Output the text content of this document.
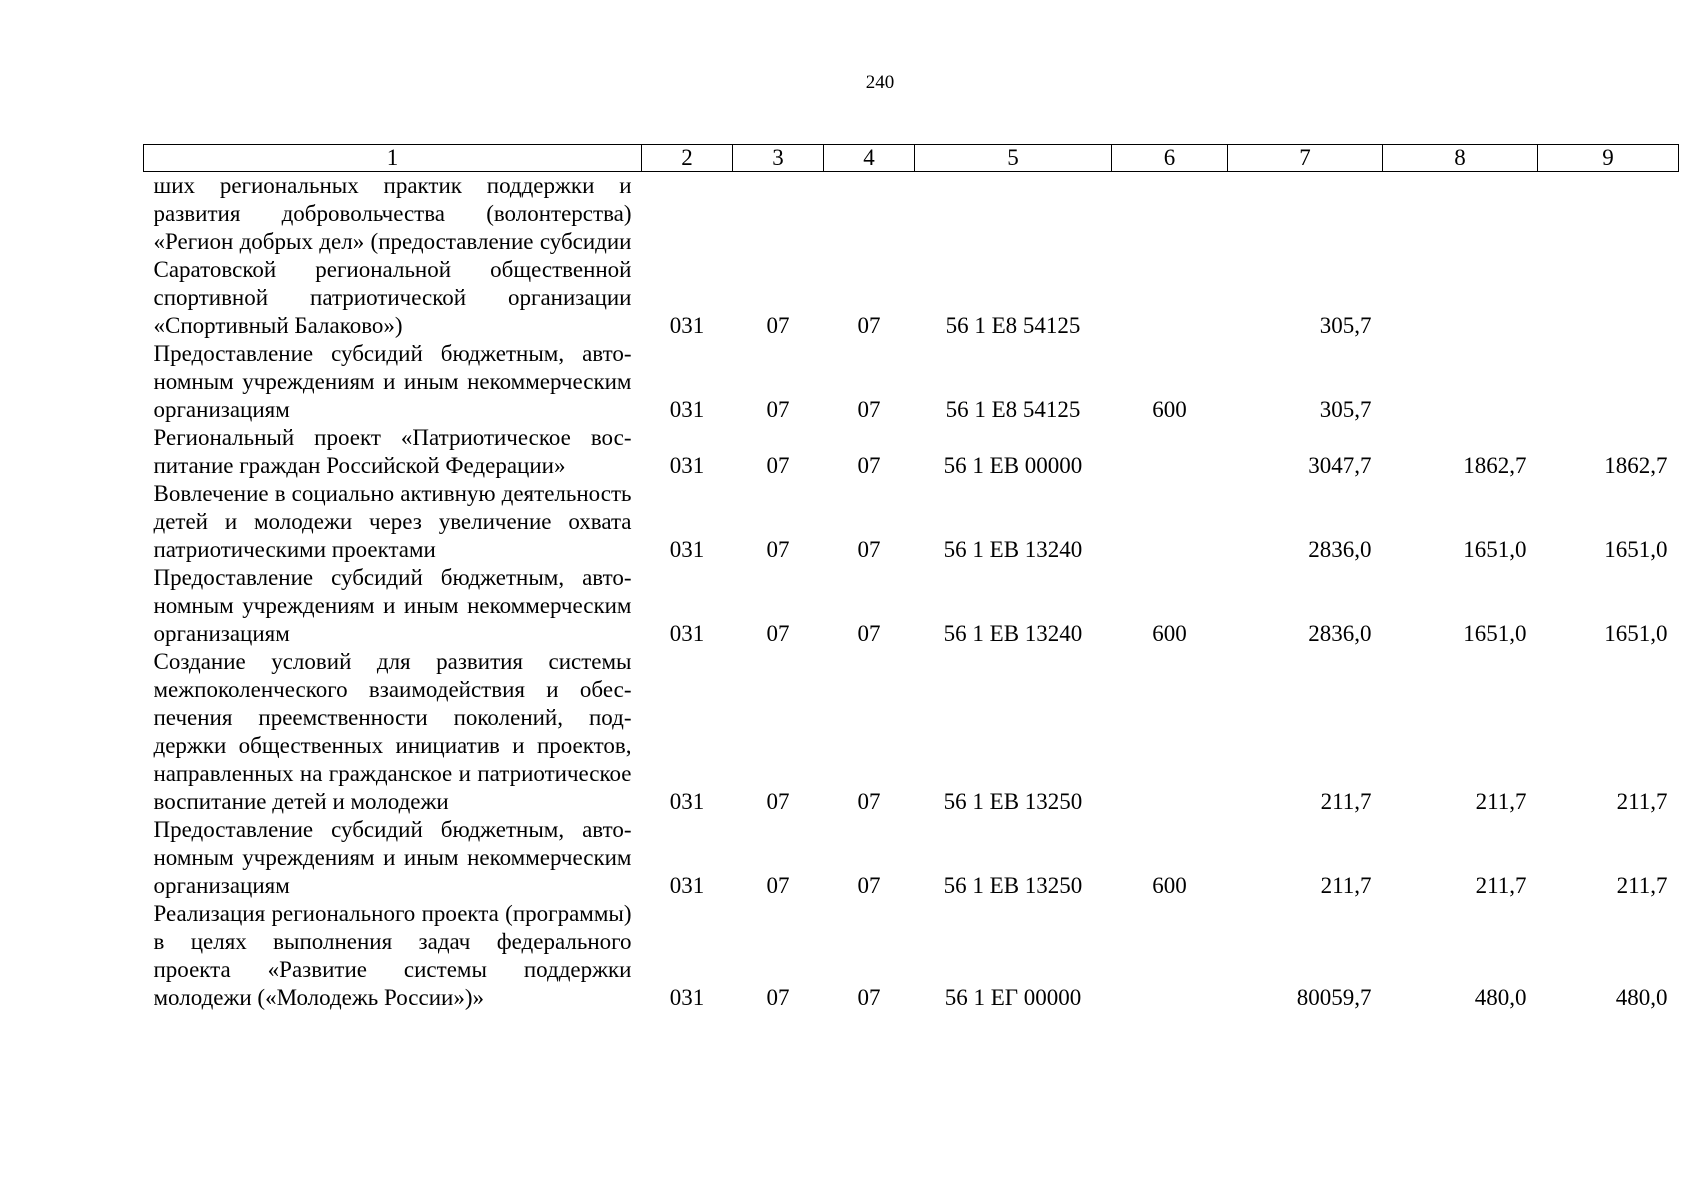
240
1	2	3	4	5	6	7	8	9
ших региональных практик поддержки и развития добровольчества (волонтерства) «Регион добрых дел» (предоставление субсидии Саратовской региональной общественной спортивной патриотической организации «Спортивный Балаково»)	031	07	07	56 1 E8 54125		305,7		
Предоставление субсидий бюджетным, автономным учреждениям и иным некоммерческим организациям	031	07	07	56 1 E8 54125	600	305,7		
Региональный проект «Патриотическое воспитание граждан Российской Федерации»	031	07	07	56 1 EB 00000		3047,7	1862,7	1862,7
Вовлечение в социально активную деятельность детей и молодежи через увеличение охвата патриотическими проектами	031	07	07	56 1 EB 13240		2836,0	1651,0	1651,0
Предоставление субсидий бюджетным, автономным учреждениям и иным некоммерческим организациям	031	07	07	56 1 EB 13240	600	2836,0	1651,0	1651,0
Создание условий для развития системы межпоколенческого взаимодействия и обеспечения преемственности поколений, поддержки общественных инициатив и проектов, направленных на гражданское и патриотическое воспитание детей и молодежи	031	07	07	56 1 EB 13250		211,7	211,7	211,7
Предоставление субсидий бюджетным, автономным учреждениям и иным некоммерческим организациям	031	07	07	56 1 EB 13250	600	211,7	211,7	211,7
Реализация регионального проекта (программы) в целях выполнения задач федерального проекта «Развитие системы поддержки молодежи («Молодежь России»)»	031	07	07	56 1 EГ 00000		80059,7	480,0	480,0
